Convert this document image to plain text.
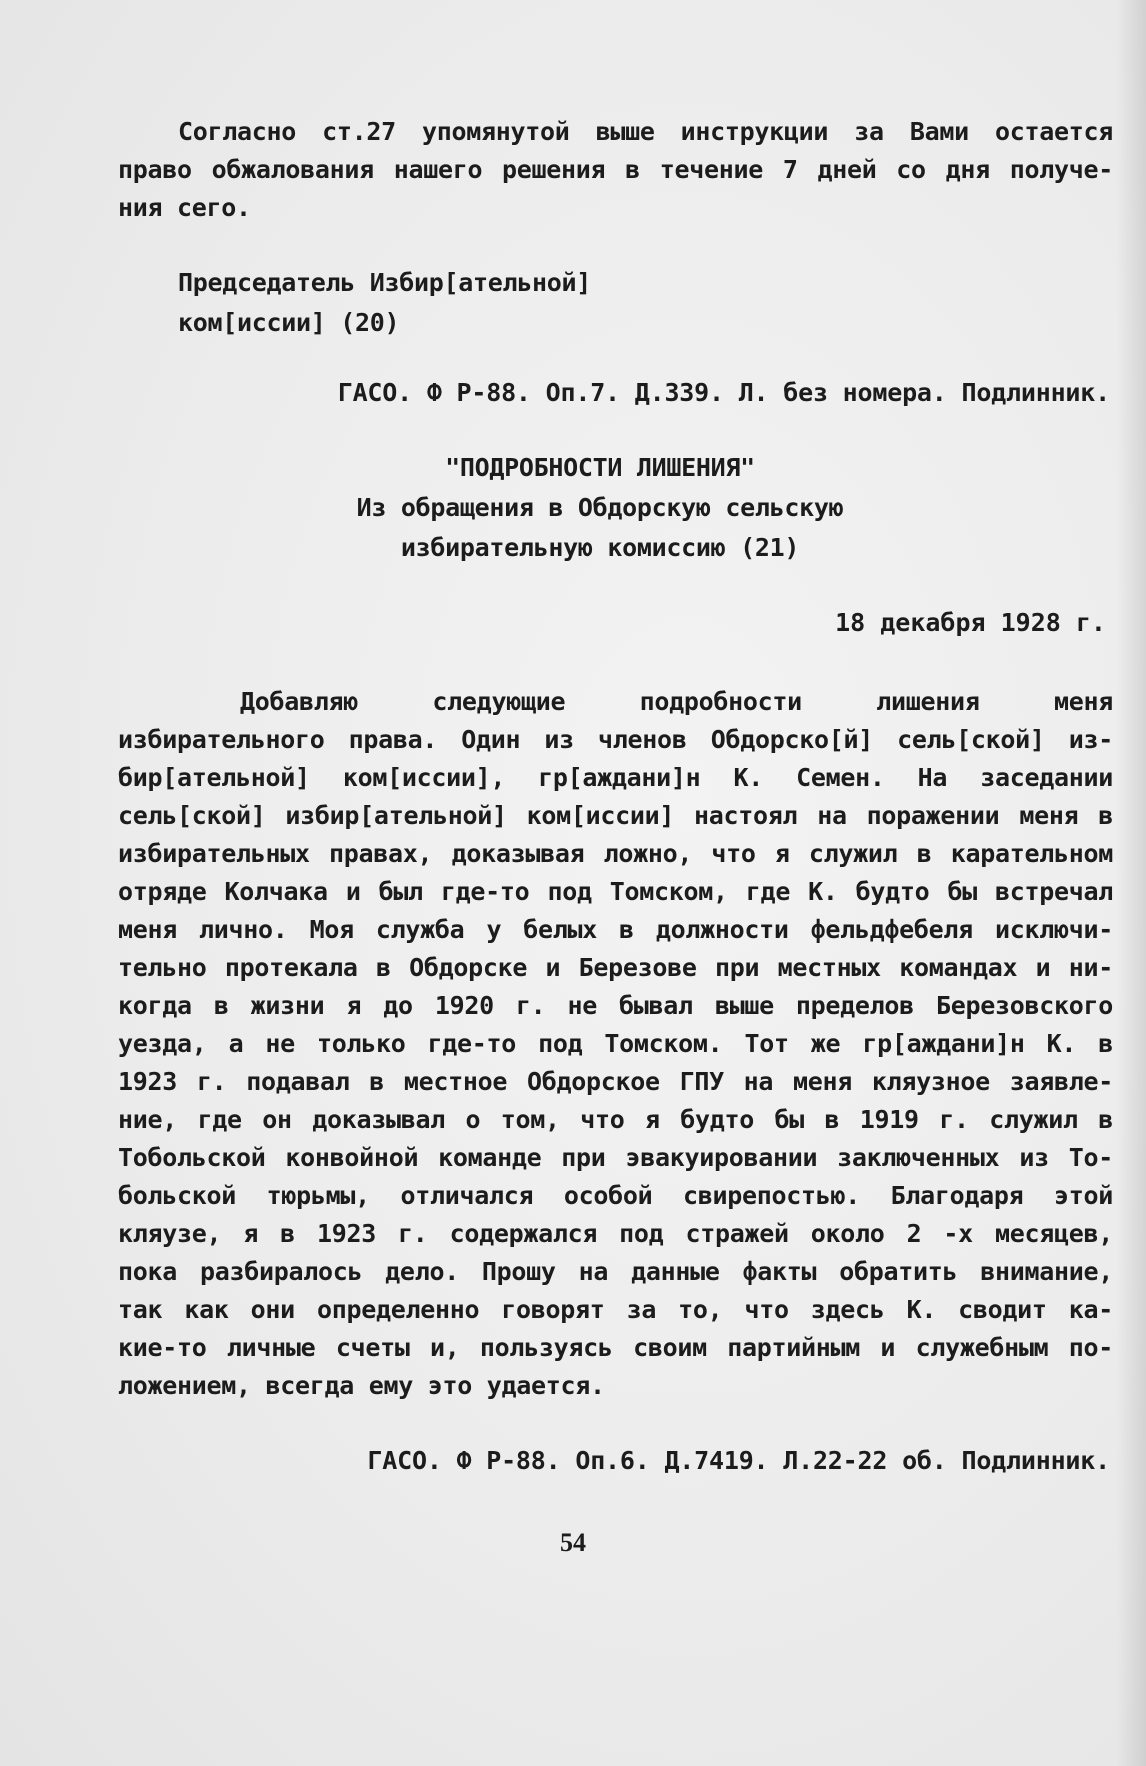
Согласно ст.27 упомянутой выше инструкции за Вами остается
право обжалования нашего решения в течение 7 дней со дня получе-
ния сего.
Председатель Избир[ательной]
ком[иссии] (20)
ГАСО. Ф Р-88. Оп.7. Д.339. Л. без номера. Подлинник.
"ПОДРОБНОСТИ ЛИШЕНИЯ"
Из обращения в Обдорскую сельскую
избирательную комиссию (21)
18 декабря 1928 г.
Добавляю следующие подробности лишения меня
избирательного права. Один из членов Обдорско[й] сель[ской] из-
бир[ательной] ком[иссии], гр[аждани]н К. Семен. На заседании
сель[ской] избир[ательной] ком[иссии] настоял на поражении меня в
избирательных правах, доказывая ложно, что я служил в карательном
отряде Колчака и был где-то под Томском, где К. будто бы встречал
меня лично. Моя служба у белых в должности фельдфебеля исключи-
тельно протекала в Обдорске и Березове при местных командах и ни-
когда в жизни я до 1920 г. не бывал выше пределов Березовского
уезда, а не только где-то под Томском. Тот же гр[аждани]н К. в
1923 г. подавал в местное Обдорское ГПУ на меня кляузное заявле-
ние, где он доказывал о том, что я будто бы в 1919 г. служил в
Тобольской конвойной команде при эвакуировании заключенных из То-
больской тюрьмы, отличался особой свирепостью. Благодаря этой
кляузе, я в 1923 г. содержался под стражей около 2 -х месяцев,
пока разбиралось дело. Прошу на данные факты обратить внимание,
так как они определенно говорят за то, что здесь К. сводит ка-
кие-то личные счеты и, пользуясь своим партийным и служебным по-
ложением, всегда ему это удается.
ГАСО. Ф Р-88. Оп.6. Д.7419. Л.22-22 об. Подлинник.
54
